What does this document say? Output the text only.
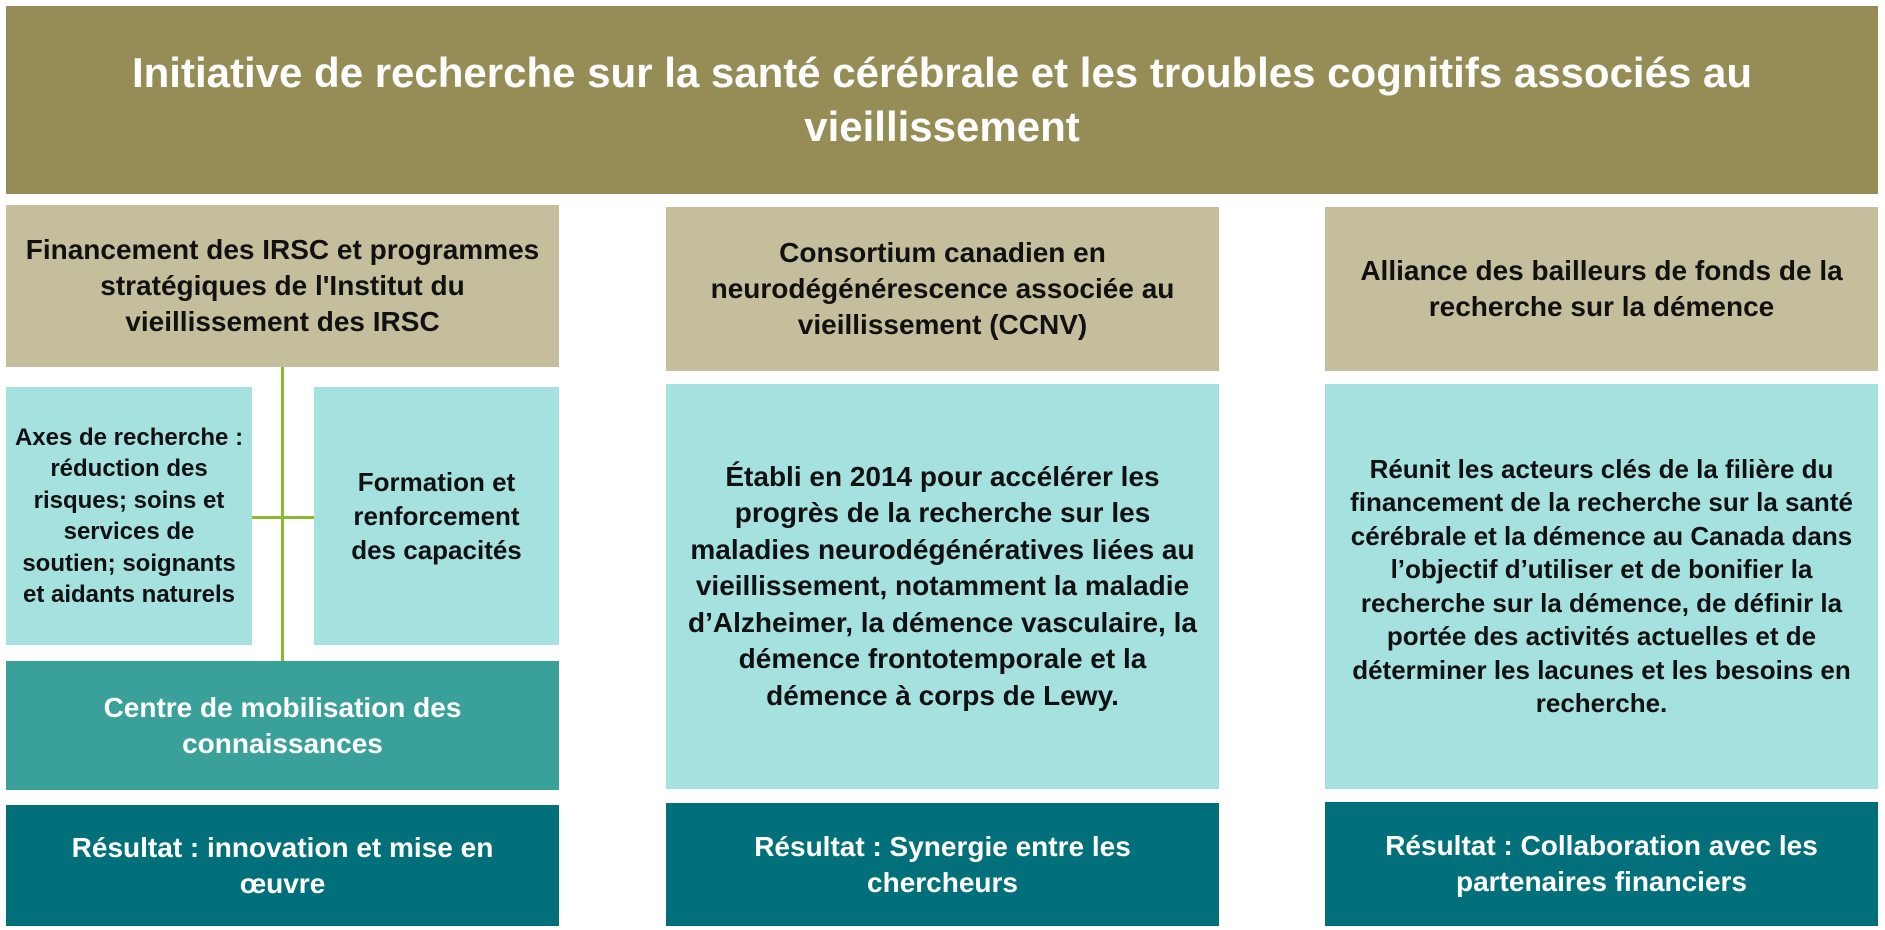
Initiative de recherche sur la santé cérébrale et les troubles cognitifs associés au vieillissement
Financement des IRSC et programmes stratégiques de l'Institut du vieillissement des IRSC
Axes de recherche : réduction des risques; soins et services de soutien; soignants et aidants naturels
Formation et renforcement des capacités
Centre de mobilisation des connaissances
Résultat : innovation et mise en œuvre
Consortium canadien en neurodégénérescence associée au vieillissement (CCNV)
Établi en 2014 pour accélérer les progrès de la recherche sur les maladies neurodégénératives liées au vieillissement, notamment la maladie d’Alzheimer, la démence vasculaire, la démence frontotemporale et la démence à corps de Lewy.
Résultat : Synergie entre les chercheurs
Alliance des bailleurs de fonds de la recherche sur la démence
Réunit les acteurs clés de la filière du financement de la recherche sur la santé cérébrale et la démence au Canada dans l’objectif d’utiliser et de bonifier la recherche sur la démence, de définir la portée des activités actuelles et de déterminer les lacunes et les besoins en recherche.
Résultat : Collaboration avec les partenaires financiers
